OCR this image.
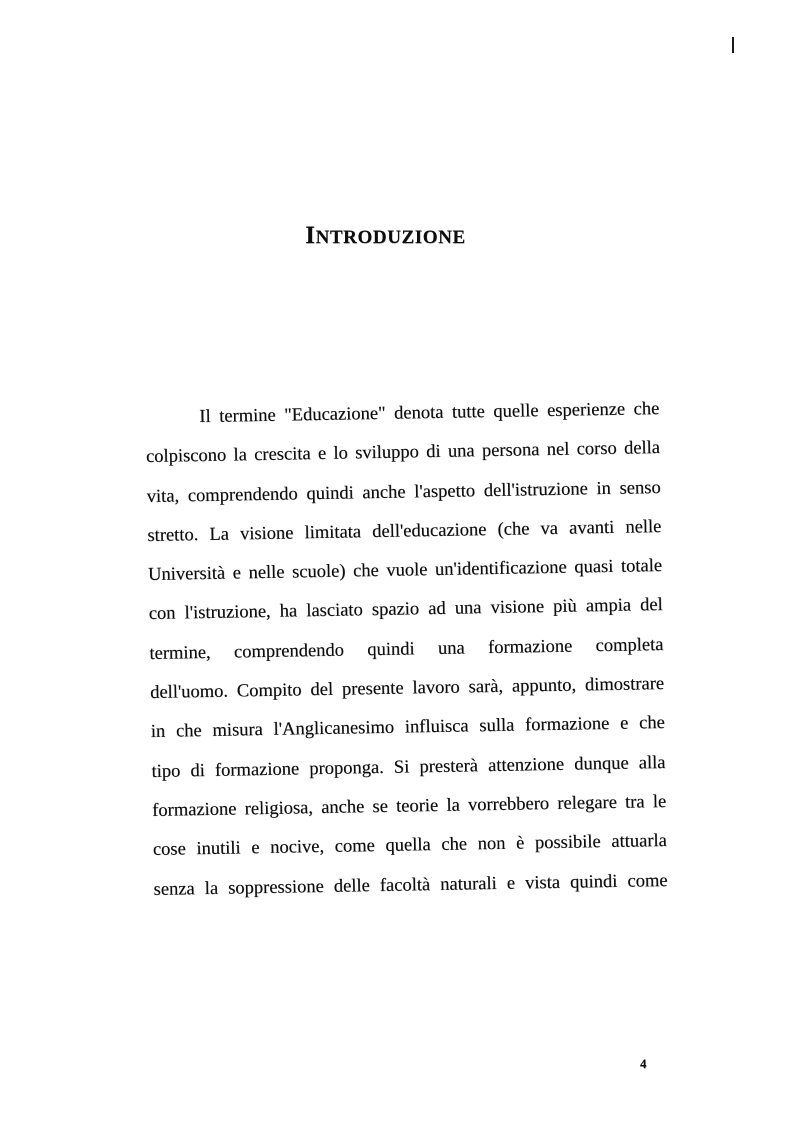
INTRODUZIONE
Il termine "Educazione" denota tutte quelle esperienze che
colpiscono la crescita e lo sviluppo di una persona nel corso della
vita, comprendendo quindi anche l'aspetto dell'istruzione in senso
stretto. La visione limitata dell'educazione (che va avanti nelle
Università e nelle scuole) che vuole un'identificazione quasi totale
con l'istruzione, ha lasciato spazio ad una visione più ampia del
termine, comprendendo quindi una formazione completa
dell'uomo. Compito del presente lavoro sarà, appunto, dimostrare
in che misura l'Anglicanesimo influisca sulla formazione e che
tipo di formazione proponga. Si presterà attenzione dunque alla
formazione religiosa, anche se teorie la vorrebbero relegare tra le
cose inutili e nocive, come quella che non è possibile attuarla
senza la soppressione delle facoltà naturali e vista quindi come
4
